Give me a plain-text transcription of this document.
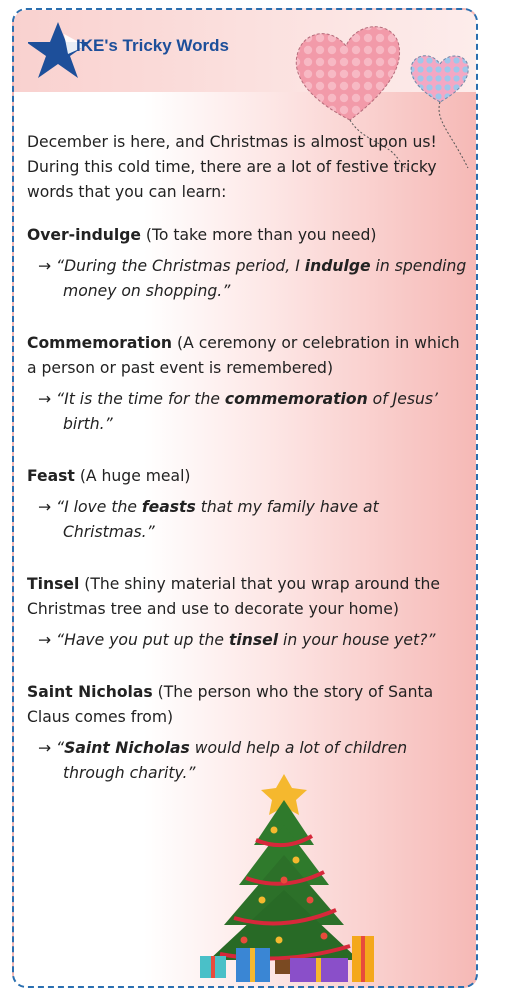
IKE's Tricky Words

December is here, and Christmas is almost upon us! During this cold time, there are a lot of festive tricky words that you can learn:

Over-indulge (To take more than you need)
→ “During the Christmas period, I indulge in spending money on shopping.”
Commemoration (A ceremony or celebration in which a person or past event is remembered)
→ “It is the time for the commemoration of Jesus’ birth.”
Feast (A huge meal)
→ “I love the feasts that my family have at Christmas.”
Tinsel (The shiny material that you wrap around the Christmas tree and use to decorate your home)
→ “Have you put up the tinsel in your house yet?”
Saint Nicholas (The person who the story of Santa Claus comes from)
→ “Saint Nicholas would help a lot of children through charity.”
